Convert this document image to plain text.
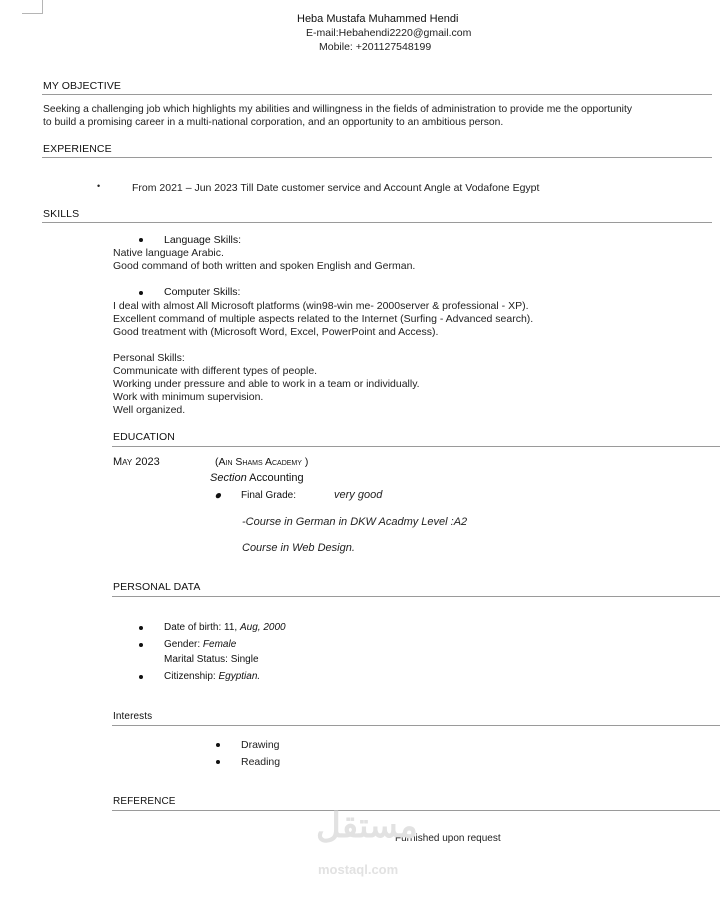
Heba Mustafa Muhammed Hendi
E-mail:Hebahendi2220@gmail.com
Mobile: +201127548199
MY OBJECTIVE
Seeking a challenging job which highlights my abilities and willingness in the fields of administration to provide me the opportunity
to build a promising career in a multi-national corporation, and an opportunity to an ambitious person.
EXPERIENCE
•	From 2021 – Jun 2023 Till Date customer service and Account Angle at Vodafone Egypt
SKILLS
Language Skills:
Native language Arabic.
Good command of both written and spoken English and German.
Computer Skills:
I deal with almost All Microsoft platforms (win98-win me- 2000server & professional - XP).
Excellent command of multiple aspects related to the Internet (Surfing - Advanced search).
Good treatment with (Microsoft Word, Excel, PowerPoint and Access).
Personal Skills:
Communicate with different types of people.
Working under pressure and able to work in a team or individually.
Work with minimum supervision.
Well organized.
EDUCATION
May 2023	(Ain Shams Academy )
Section Accounting
● Final Grade:	very good
-Course in German in DKW Acadmy Level :A2
Course in Web Design.
PERSONAL DATA
Date of birth: 11, Aug, 2000
Gender: Female
Marital Status: Single
Citizenship: Egyptian.
Interests
Drawing
Reading
REFERENCE
Furnished upon request
مستقل
mostaql.com
